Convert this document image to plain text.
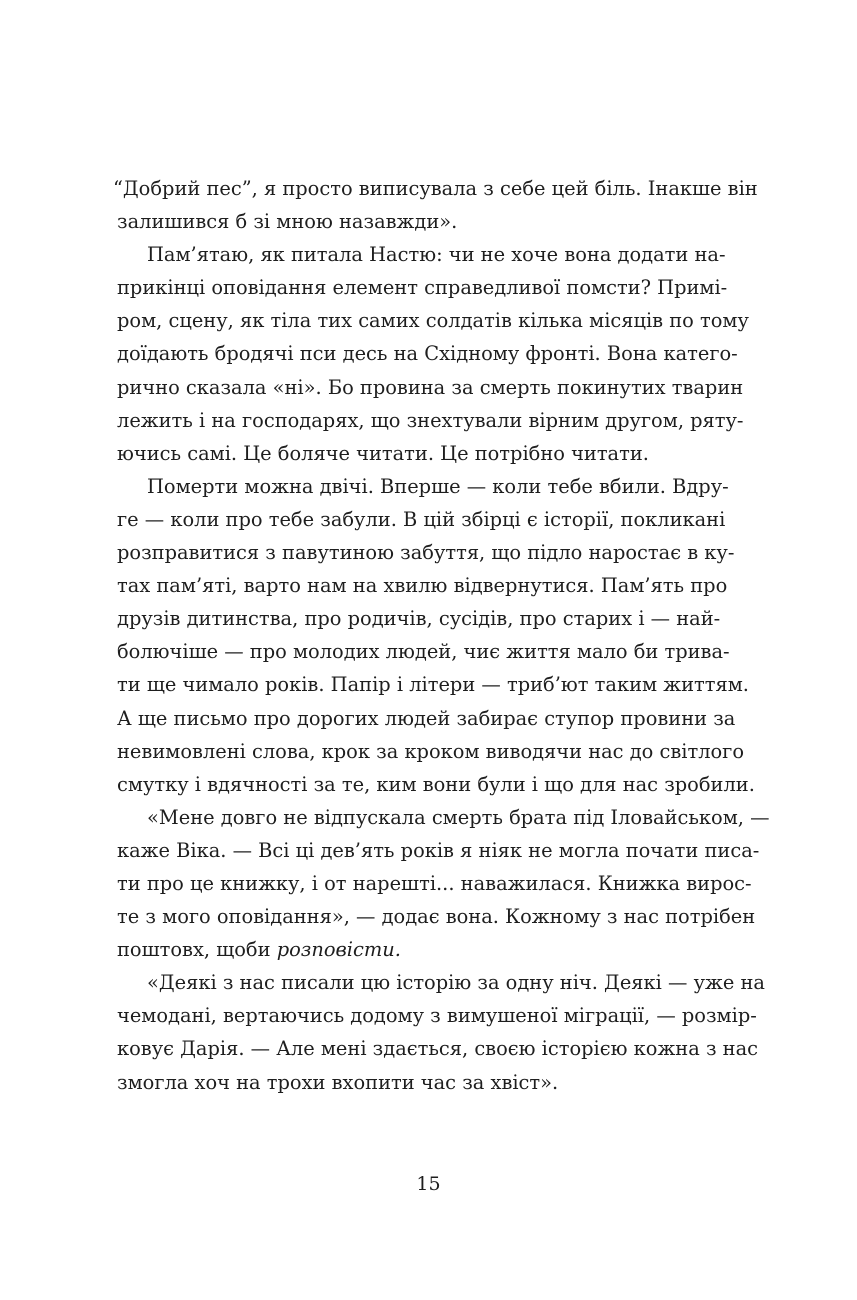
“Добрий пес”, я просто виписувала з себе цей біль. Інакше він
залишився б зі мною назавжди».
Пам’ятаю, як питала Настю: чи не хоче вона додати на-
прикінці оповідання елемент справедливої помсти? Примі-
ром, сцену, як тіла тих самих солдатів кілька місяців по тому
доїдають бродячі пси десь на Східному фронті. Вона катего-
рично сказала «ні». Бо провина за смерть покинутих тварин
лежить і на господарях, що знехтували вірним другом, ряту-
ючись самі. Це боляче читати. Це потрібно читати.
Померти можна двічі. Вперше — коли тебе вбили. Вдру-
ге — коли про тебе забули. В цій збірці є історії, покликані
розправитися з павутиною забуття, що підло наростає в ку-
тах пам’яті, варто нам на хвилю відвернутися. Пам’ять про
друзів дитинства, про родичів, сусідів, про старих і — най-
болючіше — про молодих людей, чиє життя мало би трива-
ти ще чимало років. Папір і літери — триб’ют таким життям.
А ще письмо про дорогих людей забирає ступор провини за
невимовлені слова, крок за кроком виводячи нас до світлого
смутку і вдячності за те, ким вони були і що для нас зробили.
«Мене довго не відпускала смерть брата під Іловайськом, —
каже Віка. — Всі ці дев’ять років я ніяк не могла почати писа-
ти про це книжку, і от нарешті... наважилася. Книжка вирос-
те з мого оповідання», — додає вона. Кожному з нас потрібен
поштовх, щоби розповісти.
«Деякі з нас писали цю історію за одну ніч. Деякі — уже на
чемодані, вертаючись додому з вимушеної міграції, — розмір-
ковує Дарія. — Але мені здається, своєю історією кожна з нас
змогла хоч на трохи вхопити час за хвіст».
15
